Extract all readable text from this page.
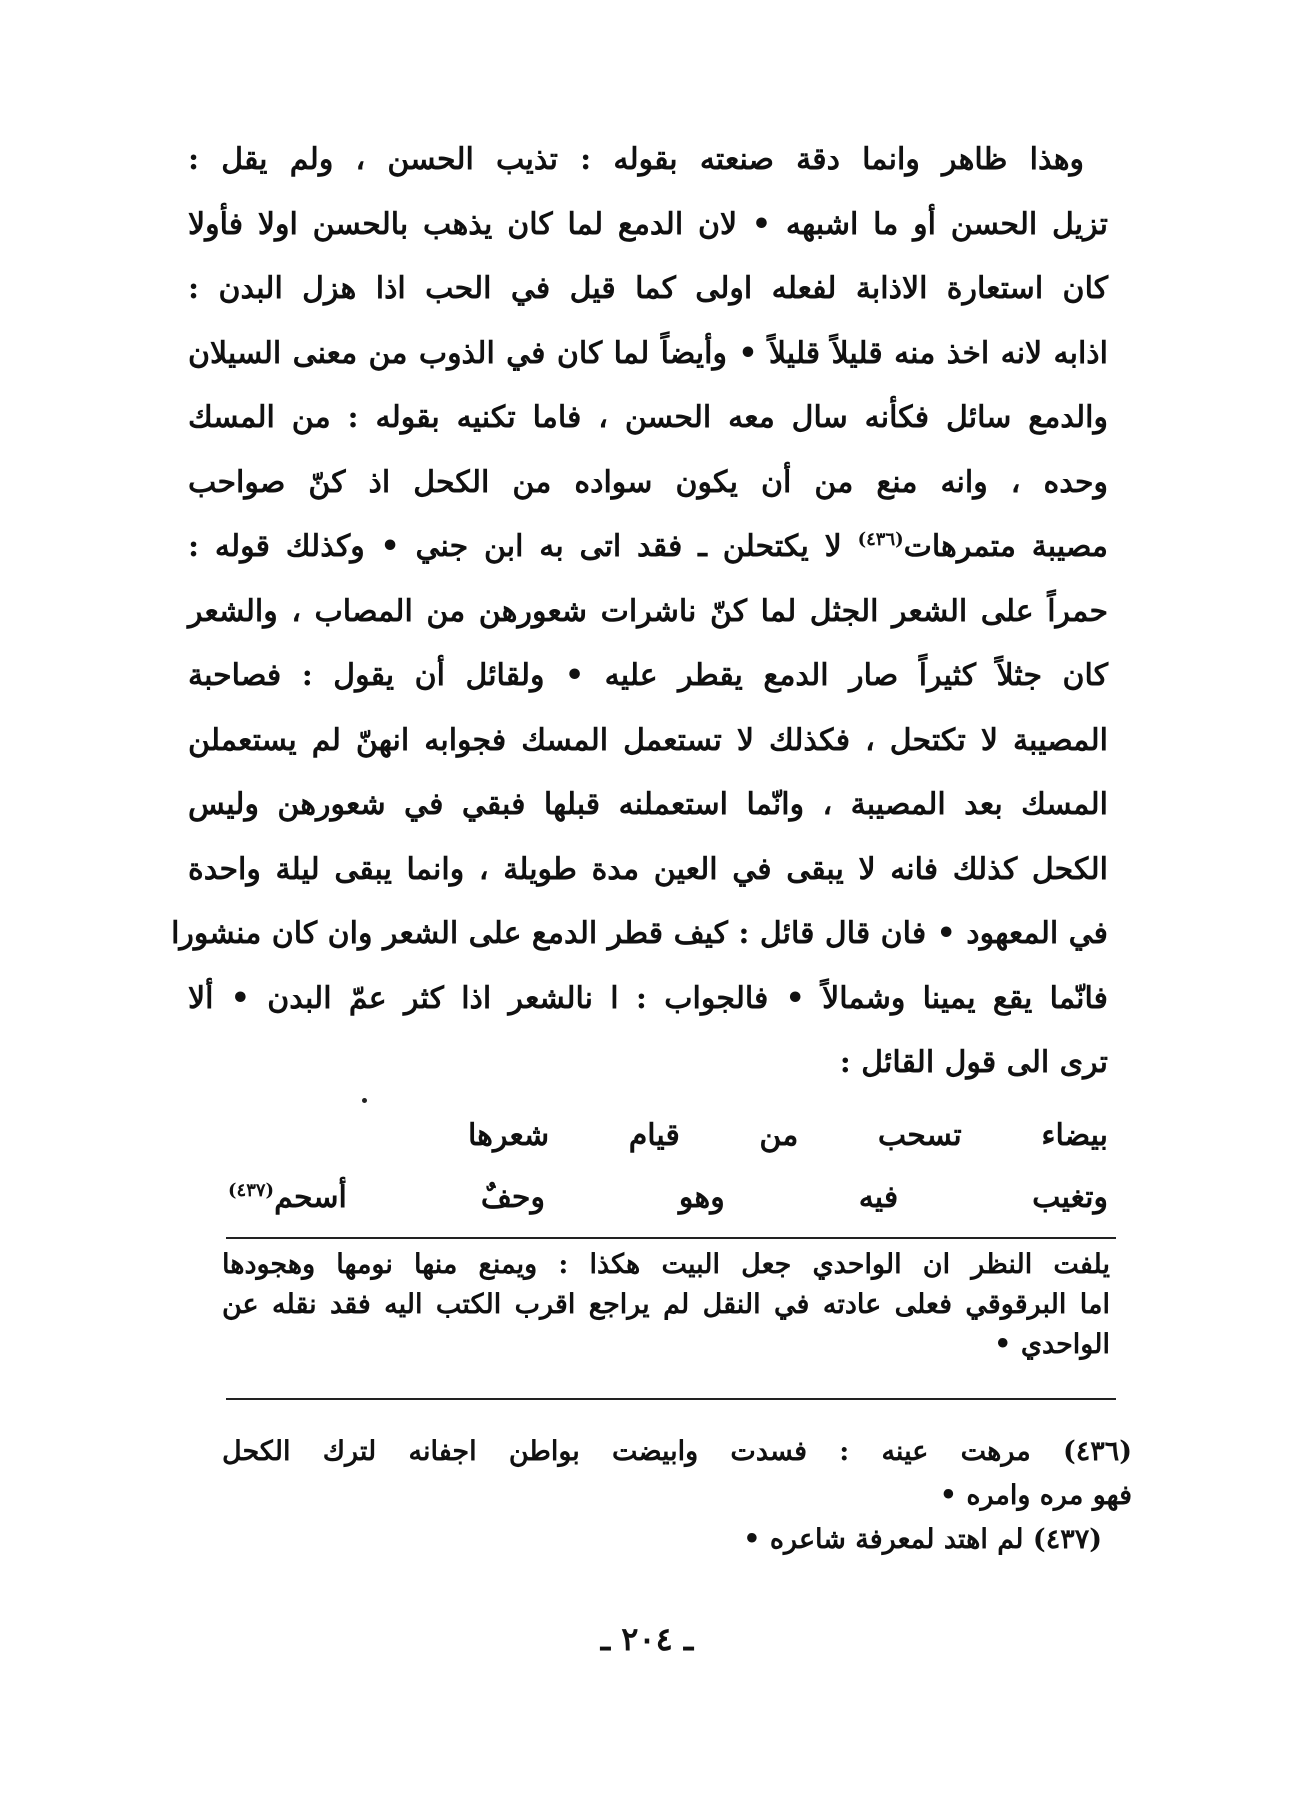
وهذا ظاهر وانما دقة صنعته بقوله : تذيب الحسن ، ولم يقل :
تزيل الحسن أو ما اشبهه • لان الدمع لما كان يذهب بالحسن اولا فأولا
كان استعارة الاذابة لفعله اولى كما قيل في الحب اذا هزل البدن :
اذابه لانه اخذ منه قليلاً قليلاً • وأيضاً لما كان في الذوب من معنى السيلان
والدمع سائل فكأنه سال معه الحسن ، فاما تكنيه بقوله : من المسك
وحده ، وانه منع من أن يكون سواده من الكحل اذ كنّ صواحب
مصيبة متمرهات$^{(٤٣٦)}$ لا يكتحلن ـ فقد اتى به ابن جني • وكذلك قوله :
حمراً على الشعر الجثل لما كنّ ناشرات شعورهن من المصاب ، والشعر
كان جثلاً كثيراً صار الدمع يقطر عليه • ولقائل أن يقول : فصاحبة
المصيبة لا تكتحل ، فكذلك لا تستعمل المسك فجوابه انهنّ لم يستعملن
المسك بعد المصيبة ، وانّما استعملنه قبلها فبقي في شعورهن وليس
الكحل كذلك فانه لا يبقى في العين مدة طويلة ، وانما يبقى ليلة واحدة
في المعهود • فان قال قائل : كيف قطر الدمع على الشعر وان كان منشورا
فانّما يقع يمينا وشمالاً • فالجواب : ا نالشعر اذا كثر عمّ البدن • ألا
ترى الى قول القائل :
بيضاء تسحب من قيام شعرها
وتغيب فيه وهو وحفٌ أسحم$^{(٤٣٧)}$
يلفت النظر ان الواحدي جعل البيت هكذا : ويمنع منها نومها وهجودها
اما البرقوقي فعلى عادته في النقل لم يراجع اقرب الكتب اليه فقد نقله عن
الواحدي •
(٤٣٦) مرهت عينه : فسدت وابيضت بواطن اجفانه لترك الكحل
فهو مره وامره •
(٤٣٧) لم اهتد لمعرفة شاعره •
ـ ٢٠٤ ـ
